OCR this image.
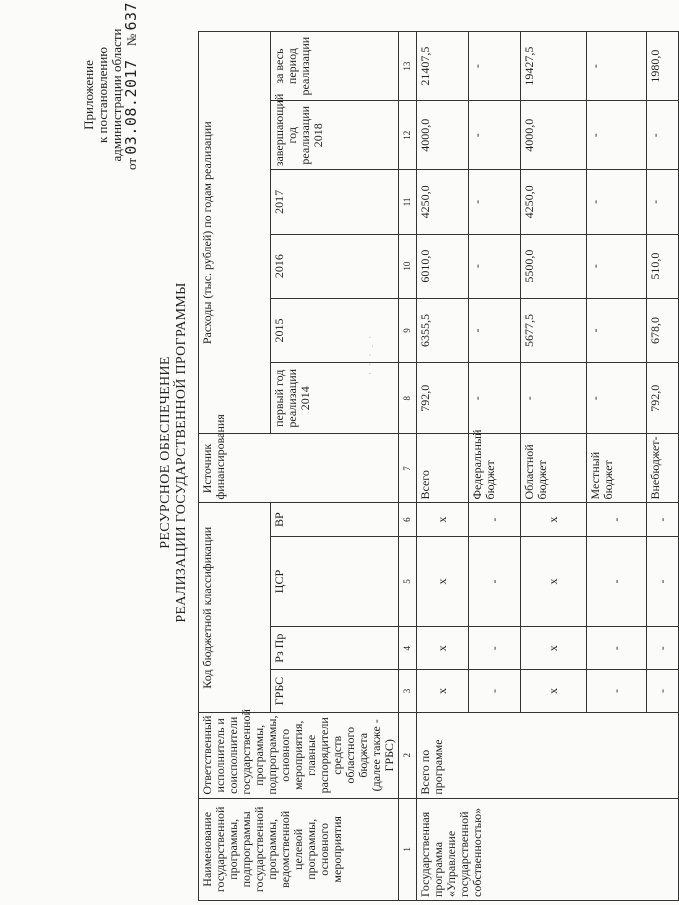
Приложение к постановлению администрации области
от 03.08.2017 № 637
РЕСУРСНОЕ ОБЕСПЕЧЕНИЕ РЕАЛИЗАЦИИ ГОСУДАРСТВЕННОЙ ПРОГРАММЫ	· · · . ·
Наименование государственной программы, подпрограммы государственной программы, ведомственной целевой программы, основного мероприятия	Ответственный исполнитель и соисполнители государственной программы, подпрограммы, основного мероприятия, главные распорядители средств областного бюджета (далее также - ГРБС)	Код бюджетной классификации				Источник финансирования	Расходы (тыс. рублей) по годам реализации					
		ГРБС	Рз Пр	ЦСР	ВР		первый год реализации 2014	2015	2016	2017	завершающий год реализации 2018	за весь период реализации
1	2	3	4	5	6	7	8	9	10	11	12	13
Государственная программа «Управление государственной собственностью»	Всего по программе	x	x	x	x	Всего	792,0	6355,5	6010,0	4250,0	4000,0	21407,5
		-	-	-	-	Федеральный бюджет	-	-	-	-	-	-
		x	x	x	x	Областной бюджет	-	5677,5	5500,0	4250,0	4000,0	19427,5
		-	-	-	-	Местный бюджет	-	-	-	-	-	-
		-	-	-	-	Внебюджет-	792,0	678,0	510,0	-	-	1980,0
